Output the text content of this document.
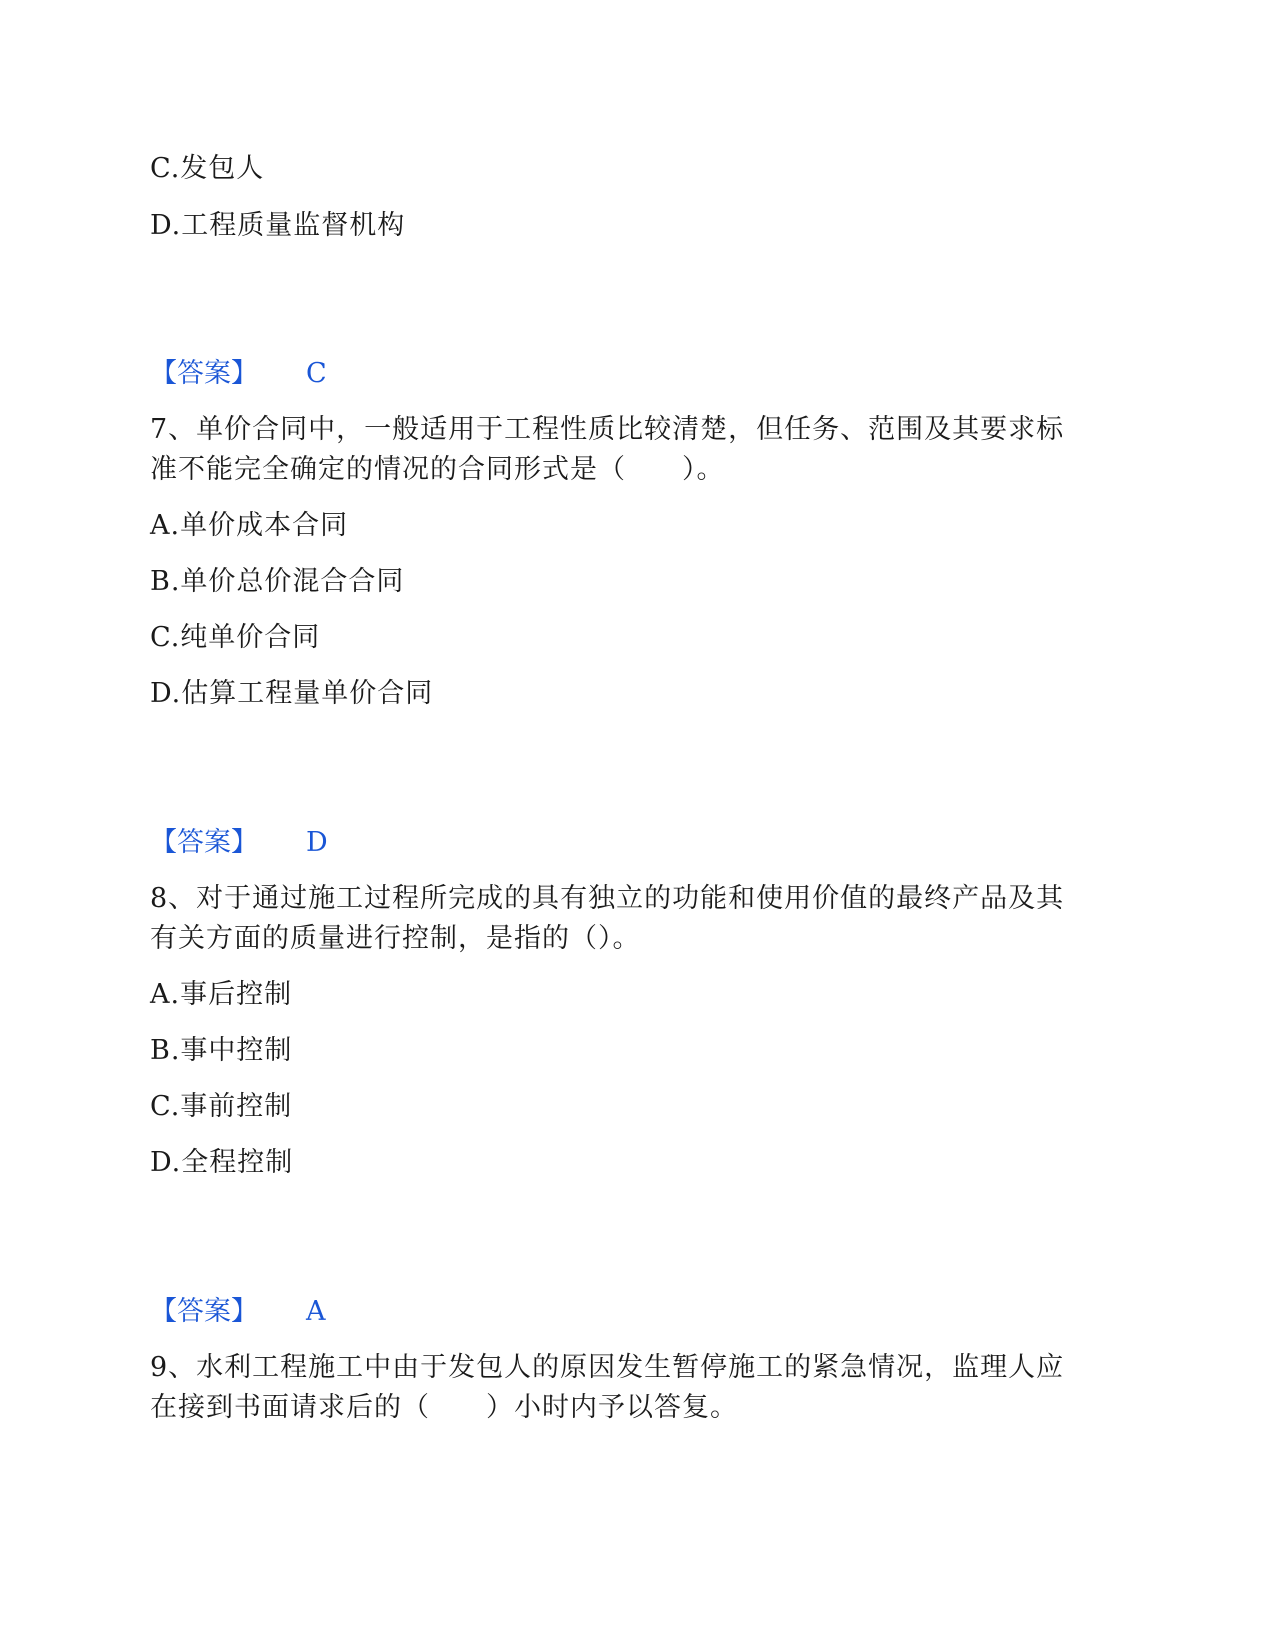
C.发包人
D.工程质量监督机构
【答案】 C
7、单价合同中，一般适用于工程性质比较清楚，但任务、范围及其要求标
准不能完全确定的情况的合同形式是（　　）。
A.单价成本合同
B.单价总价混合合同
C.纯单价合同
D.估算工程量单价合同
【答案】 D
8、对于通过施工过程所完成的具有独立的功能和使用价值的最终产品及其
有关方面的质量进行控制，是指的（）。
A.事后控制
B.事中控制
C.事前控制
D.全程控制
【答案】 A
9、水利工程施工中由于发包人的原因发生暂停施工的紧急情况，监理人应
在接到书面请求后的（　　）小时内予以答复。
